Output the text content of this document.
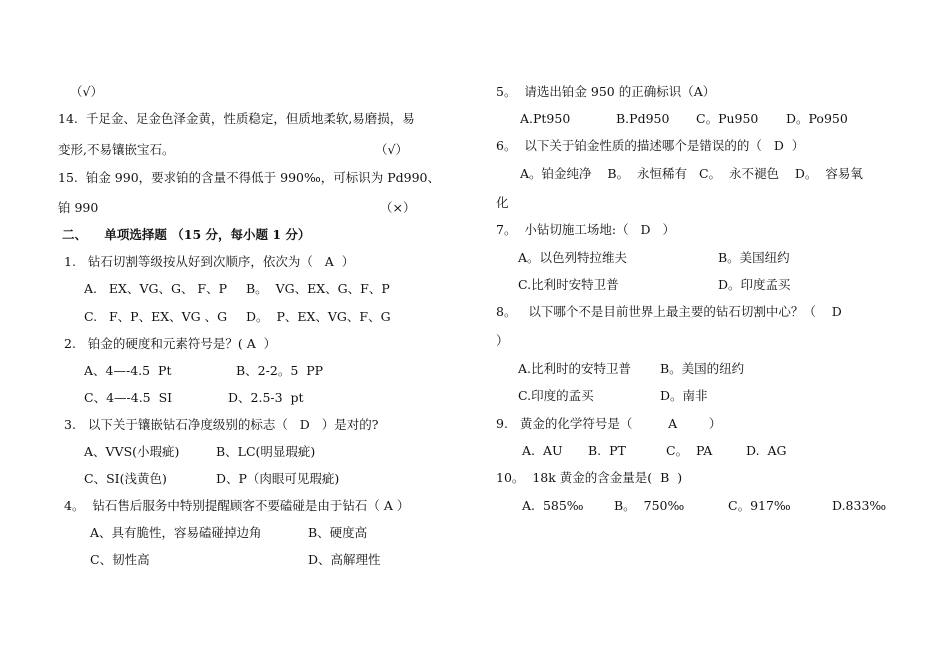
（√）
14.  千足金、足金色泽金黄，性质稳定，但质地柔软,易磨损，易
变形,不易镶嵌宝石。	（√）
15.  铂金 990，要求铂的含量不得低于 990‰，可标识为 Pd990、
铂 990	（×）
二、    单项选择题 （15 分，每小题 1 分）
1.   钻石切割等级按从好到次顺序，依次为（   A  ）
A.   EX、VG、G、 F、P B。  VG、EX、G、F、P
C.   F、P、EX、VG 、G D。  P、EX、VG、F、G
2.   铂金的硬度和元素符号是？( A  ）
A、4—-4.5  Pt	B、2-2。5  PP
C、4—-4.5  SI	D、2.5-3  pt
3.   以下关于镶嵌钻石净度级别的标志（   D   ）是对的?
A、VVS(小瑕疵)	B、LC(明显瑕疵)
C、SI(浅黄色)	D、P（肉眼可见瑕疵)
4。  钻石售后服务中特别提醒顾客不要磕碰是由于钻石（ A ）
A、具有脆性，容易磕碰掉边角	B、硬度高
C、韧性高	D、高解理性
5。  请选出铂金 950 的正确标识（A）
A.Pt950	B.Pd950 C。Pu950 D。Po950
6。  以下关于铂金性质的描述哪个是错误的的（   D  ）
A。铂金纯净    B。  永恒稀有   C。  永不褪色    D。  容易氧
化
7。  小钻切施工场地:（   D   ）
A。以色列特拉维夫	B。美国纽约
C.比利时安特卫普	D。印度孟买
8。   以下哪个不是目前世界上最主要的钻石切割中心？（    D
）
A.比利时的安特卫普 B。美国的纽约
C.印度的孟买	D。南非
9.   黄金的化学符号是（         A        ）
A.  AU B.  PT	C。  PA	D.  AG
10。  18k 黄金的含金量是(  B  )
A.  585‰ B。  750‰	C。917‰	D.833‰
